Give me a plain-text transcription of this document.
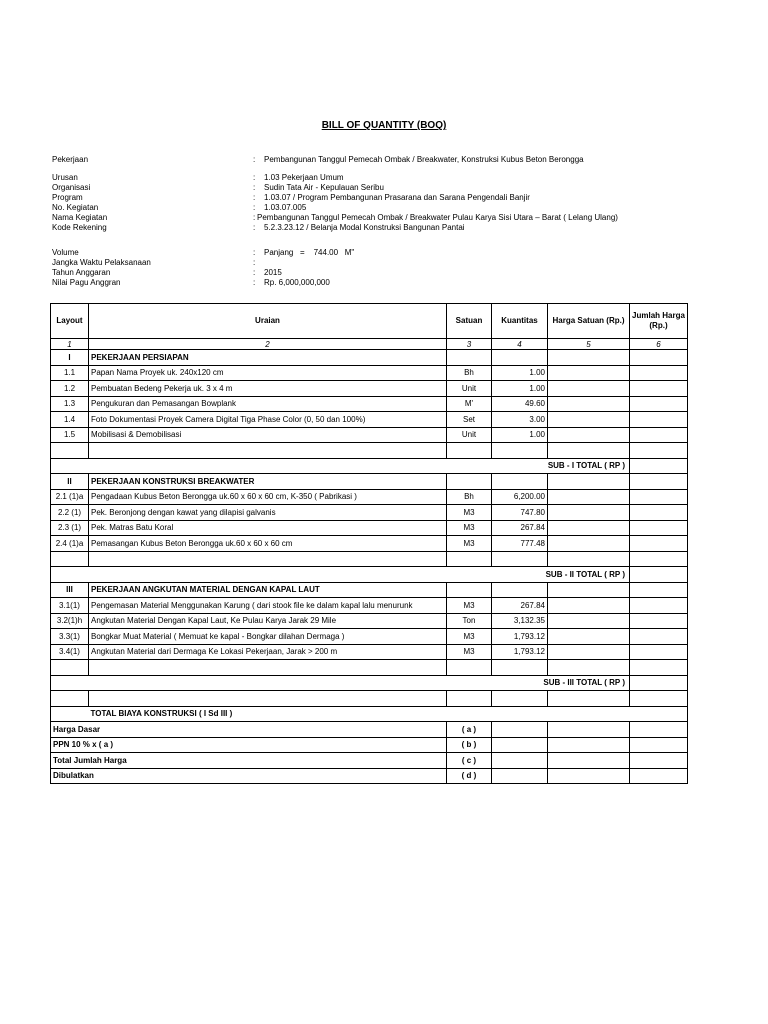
BILL OF QUANTITY (BOQ)
Pekerjaan	: Pembangunan Tanggul Pemecah Ombak / Breakwater, Konstruksi Kubus Beton Berongga
Urusan	: 1.03 Pekerjaan Umum
Organisasi	: Sudin Tata Air - Kepulauan Seribu
Program	: 1.03.07 / Program Pembangunan Prasarana dan Sarana Pengendali Banjir
No. Kegiatan	: 1.03.07.005
Nama Kegiatan	: Pembangunan Tanggul Pemecah Ombak / Breakwater Pulau Karya Sisi Utara – Barat ( Lelang Ulang)
Kode Rekening	: 5.2.3.23.12 / Belanja Modal Konstruksi Bangunan Pantai
Volume	: Panjang   =    744.00   M"
Jangka Waktu Pelaksanaan	:
Tahun Anggaran	: 2015
Nilai Pagu Anggran	: Rp. 6,000,000,000
Layout	Uraian	Satuan	Kuantitas	Harga Satuan (Rp.)	Jumlah Harga (Rp.)
1	2	3	4	5	6
I	PEKERJAAN PERSIAPAN				
1.1	Papan Nama Proyek uk. 240x120 cm	Bh	1.00		
1.2	Pembuatan Bedeng Pekerja uk. 3 x 4 m	Unit	1.00		
1.3	Pengukuran dan Pemasangan Bowplank	M'	49.60		
1.4	Foto Dokumentasi Proyek Camera Digital Tiga Phase Color (0, 50 dan 100%)	Set	3.00		
1.5	Mobilisasi & Demobilisasi	Unit	1.00		

SUB - I TOTAL ( RP )					
II	PEKERJAAN KONSTRUKSI BREAKWATER				
2.1 (1)a	Pengadaan Kubus Beton Berongga uk.60 x 60 x 60 cm, K-350 ( Pabrikasi )	Bh	6,200.00		
2.2 (1)	Pek. Beronjong dengan kawat yang dilapisi galvanis	M3	747.80		
2.3 (1)	Pek. Matras Batu Koral	M3	267.84		
2.4 (1)a	Pemasangan Kubus Beton Berongga uk.60 x 60 x 60 cm	M3	777.48		

SUB - II TOTAL ( RP )					
III	PEKERJAAN ANGKUTAN MATERIAL DENGAN KAPAL LAUT				
3.1(1)	Pengemasan Material Menggunakan Karung ( dari stook file ke dalam kapal lalu menurunk	M3	267.84		
3.2(1)h	Angkutan Material Dengan Kapal Laut, Ke Pulau Karya Jarak 29 Mile	Ton	3,132.35		
3.3(1)	Bongkar Muat Material ( Memuat ke kapal - Bongkar dilahan Dermaga )	M3	1,793.12		
3.4(1)	Angkutan Material dari Dermaga Ke Lokasi Pekerjaan, Jarak > 200 m	M3	1,793.12		

SUB - III TOTAL ( RP )					

	TOTAL BIAYA KONSTRUKSI ( I Sd III )				
Harga Dasar		( a )			
PPN 10 % x ( a )		( b )			
Total Jumlah Harga		( c )			
Dibulatkan		( d )			
